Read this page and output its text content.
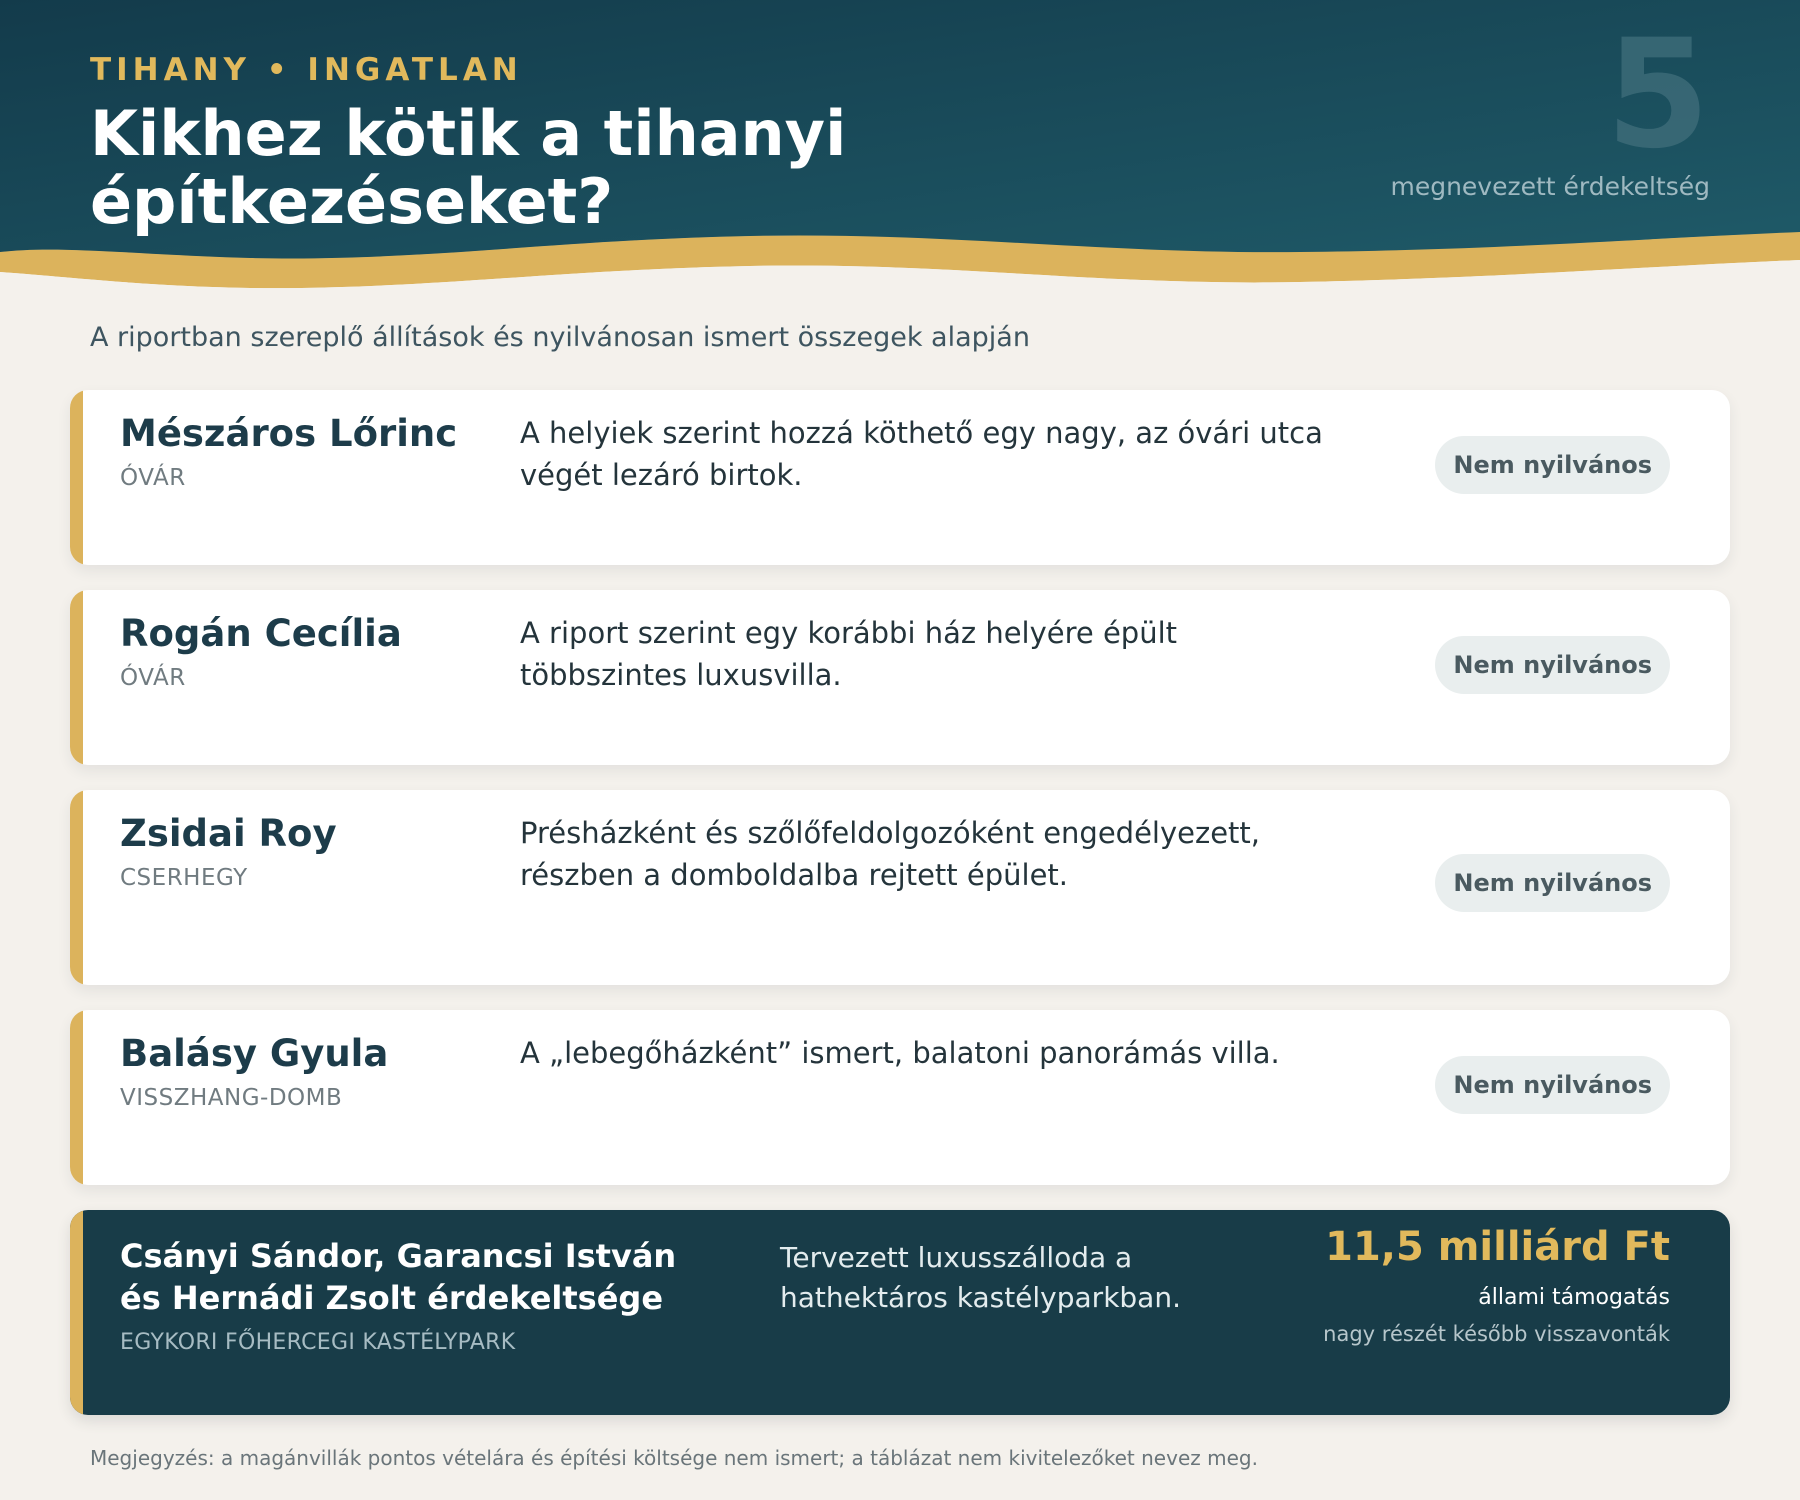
TIHANY • INGATLAN
Kikhez kötik a tihanyi építkezéseket?
5
megnevezett érdekeltség
A riportban szereplő állítások és nyilvánosan ismert összegek alapján
Mészáros Lőrinc
ÓVÁR
A helyiek szerint hozzá köthető egy nagy, az óvári utca végét lezáró birtok.	Nem nyilvános
Rogán Cecília
ÓVÁR
A riport szerint egy korábbi ház helyére épült többszintes luxusvilla.	Nem nyilvános
Zsidai Roy
CSERHEGY
Présházként és szőlőfeldolgozóként engedélyezett, részben a domboldalba rejtett épület.	Nem nyilvános
Balásy Gyula
VISSZHANG-DOMB
A „lebegőházként” ismert, balatoni panorámás villa.
Nem nyilvános
Csányi Sándor, Garancsi István és Hernádi Zsolt érdekeltsége
EGYKORI FŐHERCEGI KASTÉLYPARK
Tervezett luxusszálloda a hathektáros kastélyparkban.
11,5 milliárd Ft
állami támogatás
nagy részét később visszavonták
Megjegyzés: a magánvillák pontos vételára és építési költsége nem ismert; a táblázat nem kivitelezőket nevez meg.
